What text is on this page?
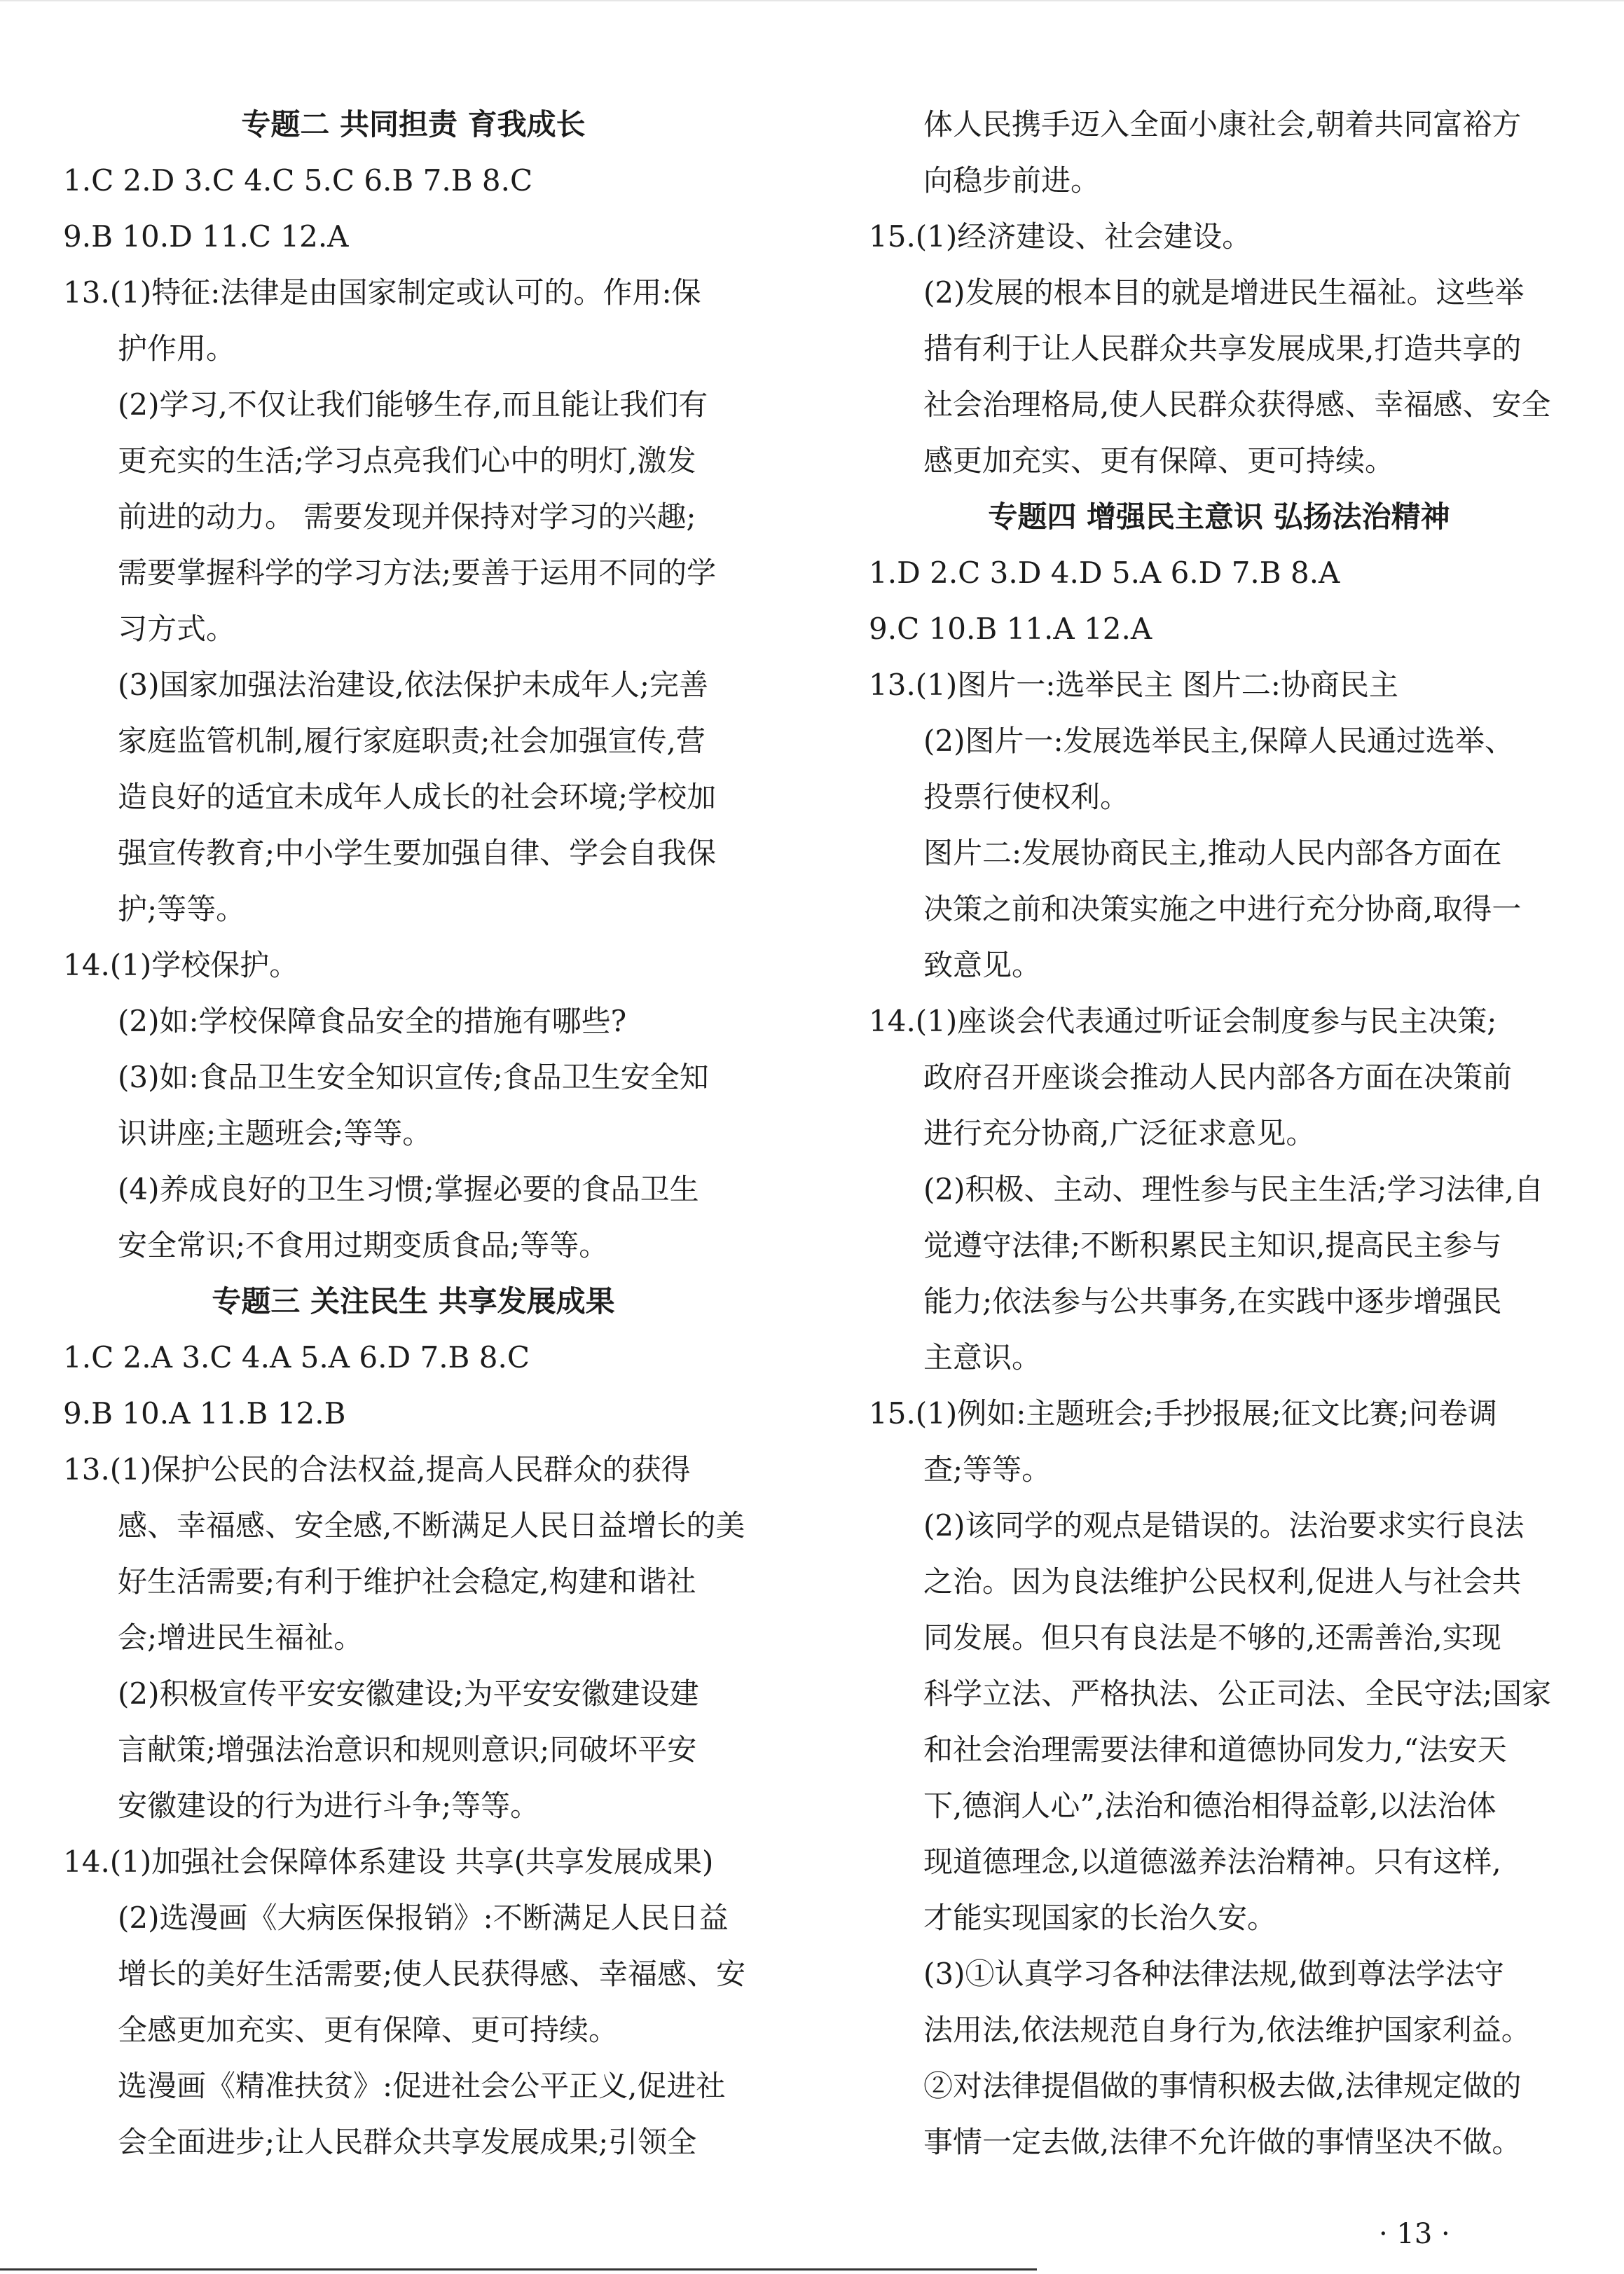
专题二 共同担责 育我成长
1.C 2.D 3.C 4.C 5.C 6.B 7.B 8.C
9.B 10.D 11.C 12.A
13.(1)特征:法律是由国家制定或认可的。作用:保
护作用。
(2)学习,不仅让我们能够生存,而且能让我们有
更充实的生活;学习点亮我们心中的明灯,激发
前进的动力。 需要发现并保持对学习的兴趣;
需要掌握科学的学习方法;要善于运用不同的学
习方式。
(3)国家加强法治建设,依法保护未成年人;完善
家庭监管机制,履行家庭职责;社会加强宣传,营
造良好的适宜未成年人成长的社会环境;学校加
强宣传教育;中小学生要加强自律、学会自我保
护;等等。
14.(1)学校保护。
(2)如:学校保障食品安全的措施有哪些?
(3)如:食品卫生安全知识宣传;食品卫生安全知
识讲座;主题班会;等等。
(4)养成良好的卫生习惯;掌握必要的食品卫生
安全常识;不食用过期变质食品;等等。
专题三 关注民生 共享发展成果
1.C 2.A 3.C 4.A 5.A 6.D 7.B 8.C
9.B 10.A 11.B 12.B
13.(1)保护公民的合法权益,提高人民群众的获得
感、幸福感、安全感,不断满足人民日益增长的美
好生活需要;有利于维护社会稳定,构建和谐社
会;增进民生福祉。
(2)积极宣传平安安徽建设;为平安安徽建设建
言献策;增强法治意识和规则意识;同破坏平安
安徽建设的行为进行斗争;等等。
14.(1)加强社会保障体系建设 共享(共享发展成果)
(2)选漫画《大病医保报销》:不断满足人民日益
增长的美好生活需要;使人民获得感、幸福感、安
全感更加充实、更有保障、更可持续。
选漫画《精准扶贫》:促进社会公平正义,促进社
会全面进步;让人民群众共享发展成果;引领全
体人民携手迈入全面小康社会,朝着共同富裕方
向稳步前进。
15.(1)经济建设、社会建设。
(2)发展的根本目的就是增进民生福祉。这些举
措有利于让人民群众共享发展成果,打造共享的
社会治理格局,使人民群众获得感、幸福感、安全
感更加充实、更有保障、更可持续。
专题四 增强民主意识 弘扬法治精神
1.D 2.C 3.D 4.D 5.A 6.D 7.B 8.A
9.C 10.B 11.A 12.A
13.(1)图片一:选举民主 图片二:协商民主
(2)图片一:发展选举民主,保障人民通过选举、
投票行使权利。
图片二:发展协商民主,推动人民内部各方面在
决策之前和决策实施之中进行充分协商,取得一
致意见。
14.(1)座谈会代表通过听证会制度参与民主决策;
政府召开座谈会推动人民内部各方面在决策前
进行充分协商,广泛征求意见。
(2)积极、主动、理性参与民主生活;学习法律,自
觉遵守法律;不断积累民主知识,提高民主参与
能力;依法参与公共事务,在实践中逐步增强民
主意识。
15.(1)例如:主题班会;手抄报展;征文比赛;问卷调
查;等等。
(2)该同学的观点是错误的。法治要求实行良法
之治。因为良法维护公民权利,促进人与社会共
同发展。但只有良法是不够的,还需善治,实现
科学立法、严格执法、公正司法、全民守法;国家
和社会治理需要法律和道德协同发力,“法安天
下,德润人心”,法治和德治相得益彰,以法治体
现道德理念,以道德滋养法治精神。只有这样,
才能实现国家的长治久安。
(3)①认真学习各种法律法规,做到尊法学法守
法用法,依法规范自身行为,依法维护国家利益。
②对法律提倡做的事情积极去做,法律规定做的
事情一定去做,法律不允许做的事情坚决不做。
· 13 ·
